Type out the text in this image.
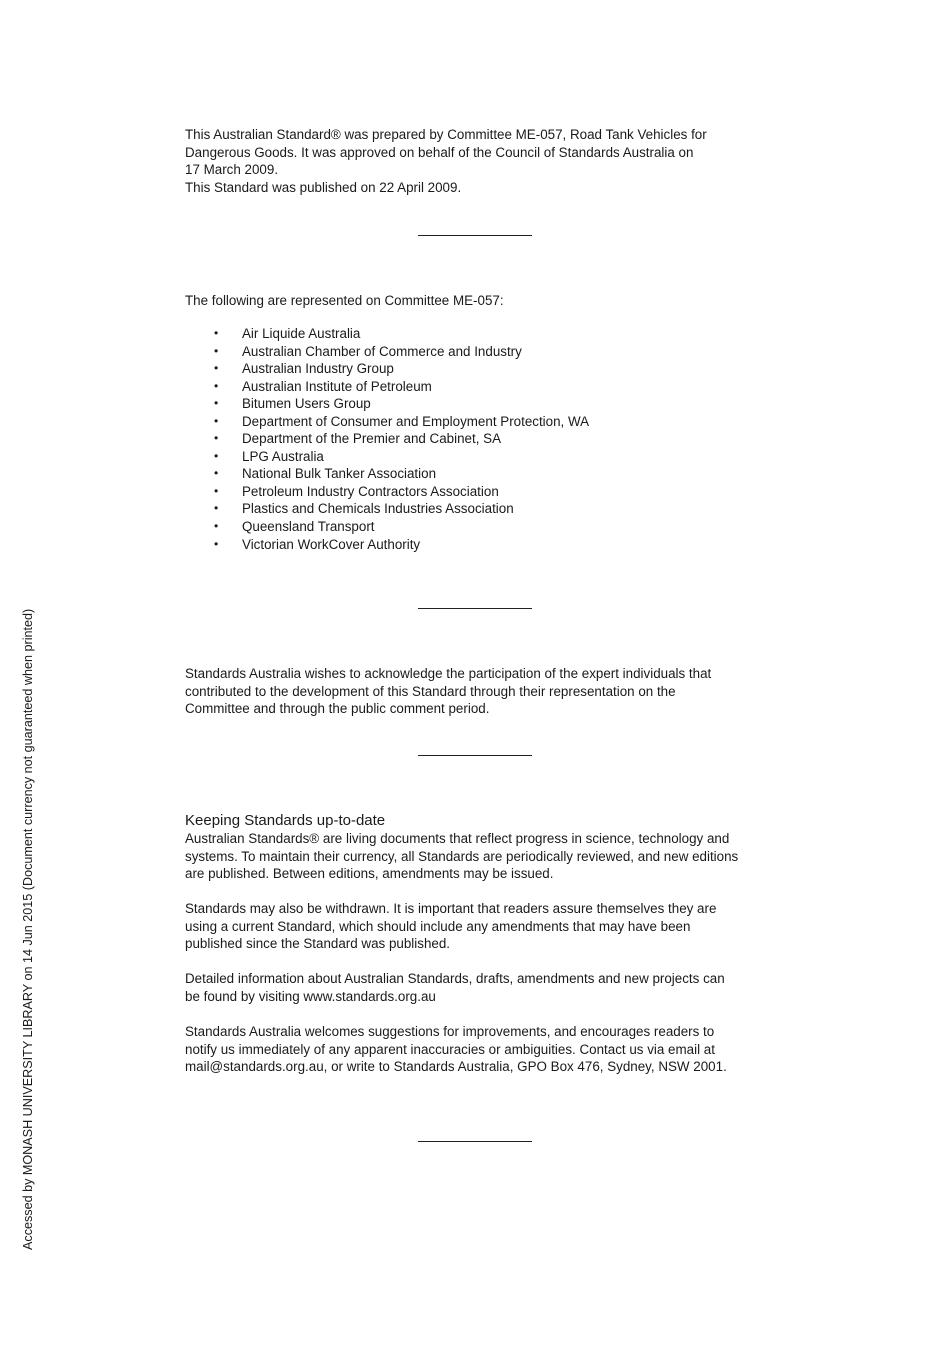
This Australian Standard® was prepared by Committee ME-057, Road Tank Vehicles for
Dangerous Goods. It was approved on behalf of the Council of Standards Australia on
17 March 2009.
This Standard was published on 22 April 2009.

The following are represented on Committee ME-057:

• Air Liquide Australia
• Australian Chamber of Commerce and Industry
• Australian Industry Group
• Australian Institute of Petroleum
• Bitumen Users Group
• Department of Consumer and Employment Protection, WA
• Department of the Premier and Cabinet, SA
• LPG Australia
• National Bulk Tanker Association
• Petroleum Industry Contractors Association
• Plastics and Chemicals Industries Association
• Queensland Transport
• Victorian WorkCover Authority

Standards Australia wishes to acknowledge the participation of the expert individuals that
contributed to the development of this Standard through their representation on the
Committee and through the public comment period.

Keeping Standards up-to-date

Australian Standards® are living documents that reflect progress in science, technology and
systems. To maintain their currency, all Standards are periodically reviewed, and new editions
are published. Between editions, amendments may be issued.

Standards may also be withdrawn. It is important that readers assure themselves they are
using a current Standard, which should include any amendments that may have been
published since the Standard was published.

Detailed information about Australian Standards, drafts, amendments and new projects can
be found by visiting www.standards.org.au

Standards Australia welcomes suggestions for improvements, and encourages readers to
notify us immediately of any apparent inaccuracies or ambiguities. Contact us via email at
mail@standards.org.au, or write to Standards Australia, GPO Box 476, Sydney, NSW 2001.

Accessed by MONASH UNIVERSITY LIBRARY on 14 Jun 2015 (Document currency not guaranteed when printed)
